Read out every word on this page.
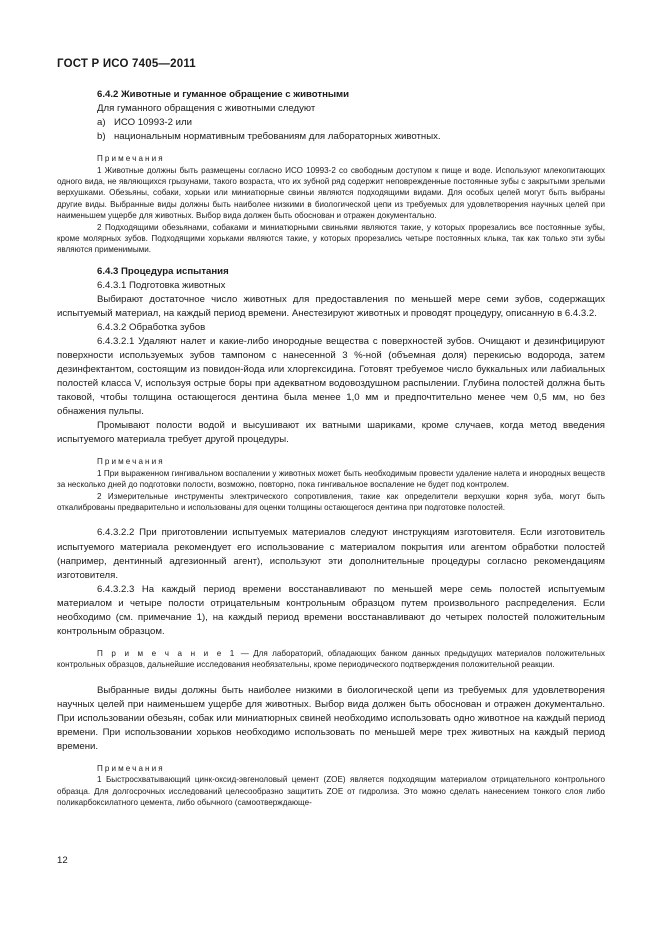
ГОСТ Р ИСО 7405—2011
6.4.2 Животные и гуманное обращение с животными

Для гуманного обращения с животными следуют

a) ИСО 10993-2 или

b) национальным нормативным требованиям для лабораторных животных.

Примечания

1 Животные должны быть размещены согласно ИСО 10993-2 со свободным доступом к пище и воде. Используют млекопитающих одного вида, не являющихся грызунами, такого возраста, что их зубной ряд содержит неповрежденные постоянные зубы с закрытыми зрелыми верхушками. Обезьяны, собаки, хорьки или миниатюрные свиньи являются подходящими видами. Для особых целей могут быть выбраны другие виды. Выбранные виды должны быть наиболее низкими в биологической цепи из требуемых для удовлетворения научных целей при наименьшем ущербе для животных. Выбор вида должен быть обоснован и отражен документально.

2 Подходящими обезьянами, собаками и миниатюрными свиньями являются такие, у которых прорезались все постоянные зубы, кроме молярных зубов. Подходящими хорьками являются такие, у которых прорезались четыре постоянных клыка, так как только эти зубы являются применимыми.

6.4.3 Процедура испытания

6.4.3.1 Подготовка животных

Выбирают достаточное число животных для предоставления по меньшей мере семи зубов, содержащих испытуемый материал, на каждый период времени. Анестезируют животных и проводят процедуру, описанную в 6.4.3.2.

6.4.3.2 Обработка зубов

6.4.3.2.1 Удаляют налет и какие-либо инородные вещества с поверхностей зубов. Очищают и дезинфицируют поверхности используемых зубов тампоном с нанесенной 3 %-ной (объемная доля) перекисью водорода, затем дезинфектантом, состоящим из повидон-йода или хлоргексидина. Готовят требуемое число буккальных или лабиальных полостей класса V, используя острые боры при адекватном водовоздушном распылении. Глубина полостей должна быть таковой, чтобы толщина остающегося дентина была менее 1,0 мм и предпочтительно менее чем 0,5 мм, но без обнажения пульпы.

Промывают полости водой и высушивают их ватными шариками, кроме случаев, когда метод введения испытуемого материала требует другой процедуры.

Примечания

1 При выраженном гингивальном воспалении у животных может быть необходимым провести удаление налета и инородных веществ за несколько дней до подготовки полости, возможно, повторно, пока гингивальное воспаление не будет под контролем.

2 Измерительные инструменты электрического сопротивления, такие как определители верхушки корня зуба, могут быть откалиброваны предварительно и использованы для оценки толщины остающегося дентина при подготовке полостей.

6.4.3.2.2 При приготовлении испытуемых материалов следуют инструкциям изготовителя. Если изготовитель испытуемого материала рекомендует его использование с материалом покрытия или агентом обработки полостей (например, дентинный адгезионный агент), используют эти дополнительные процедуры согласно рекомендациям изготовителя.

6.4.3.2.3 На каждый период времени восстанавливают по меньшей мере семь полостей испытуемым материалом и четыре полости отрицательным контрольным образцом путем произвольного распределения. Если необходимо (см. примечание 1), на каждый период времени восстанавливают до четырех полостей положительным контрольным образцом.

П р и м е ч а н и е 1 — Для лабораторий, обладающих банком данных предыдущих материалов положительных контрольных образцов, дальнейшие исследования необязательны, кроме периодического подтверждения положительной реакции.

Выбранные виды должны быть наиболее низкими в биологической цепи из требуемых для удовлетворения научных целей при наименьшем ущербе для животных. Выбор вида должен быть обоснован и отражен документально. При использовании обезьян, собак или миниатюрных свиней необходимо использовать одно животное на каждый период времени. При использовании хорьков необходимо использовать по меньшей мере трех животных на каждый период времени.

Примечания

1 Быстросхватывающий цинк-оксид-эвгеноловый цемент (ZOE) является подходящим материалом отрицательного контрольного образца. Для долгосрочных исследований целесообразно защитить ZOE от гидролиза. Это можно сделать нанесением тонкого слоя либо поликарбоксилатного цемента, либо обычного (самоотверждающе-

12
